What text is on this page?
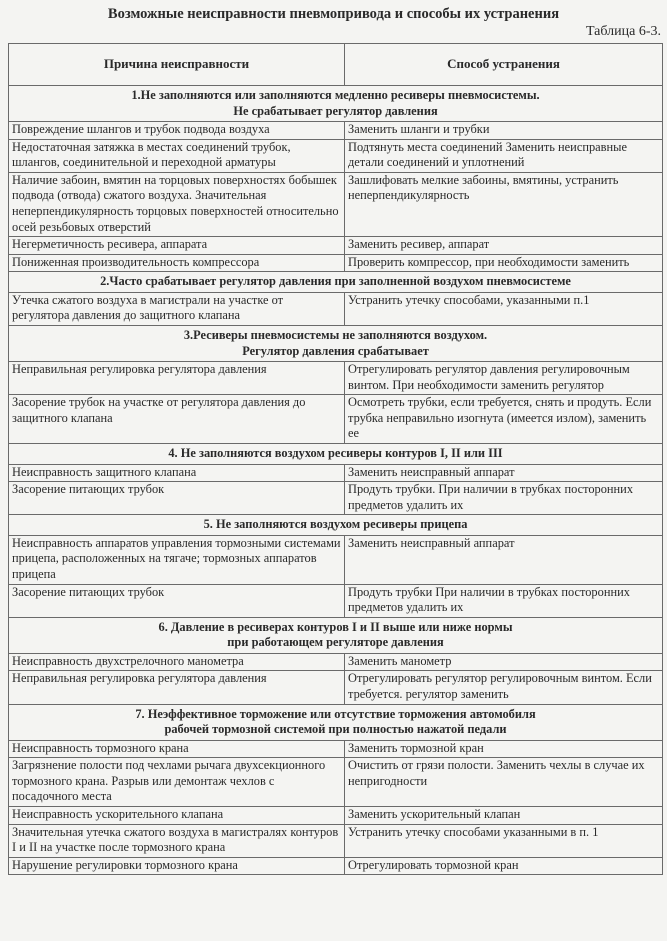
Возможные неисправности пневмопривода и способы их устранения
Таблица 6-3.
Причина неисправности	Способ устранения

1.Не заполняются или заполняются медленно ресиверы пневмосистемы.
Не срабатывает регулятор давления	

Повреждение шлангов и трубок подвода воздуха	Заменить шланги и трубки
Недостаточная затяжка в местах соединений трубок, шлангов, соединительной и переходной арматуры	Подтянуть места соединений Заменить неисправные детали соединений и уплотнений
Наличие забоин, вмятин на торцовых поверхностях бобышек подвода (отвода) сжатого воздуха. Значительная неперпендикулярность торцовых поверхностей относительно осей резьбовых отверстий	Зашлифовать мелкие забоины, вмятины, устранить неперпендикулярность
Негерметичность ресивера, аппарата	Заменить ресивер, аппарат
Пониженная производительность компрессора	Проверить компрессор, при необходимости заменить

2.Часто срабатывает регулятор давления при заполненной воздухом пневмосистеме	

Утечка сжатого воздуха в магистрали на участке от регулятора давления до защитного клапана	Устранить утечку способами, указанными п.1

3.Ресиверы пневмосистемы не заполняются воздухом.
Регулятор давления срабатывает	

Неправильная регулировка регулятора давления	Отрегулировать регулятор давления регулировочным винтом. При необходимости заменить регулятор
Засорение трубок на участке от регулятора давления до защитного клапана	Осмотреть трубки, если требуется, снять и продуть. Если трубка неправильно изогнута (имеется излом), заменить ее

4. Не заполняются воздухом ресиверы контуров I, II или III	

Неисправность защитного клапана	Заменить неисправный аппарат
Засорение питающих трубок	Продуть трубки. При наличии в трубках посторонних предметов удалить их

5. Не заполняются воздухом ресиверы прицепа	

Неисправность аппаратов управления тормозными системами прицепа, расположенных на тягаче; тормозных аппаратов прицепа	Заменить неисправный аппарат
Засорение питающих трубок	Продуть трубки При наличии в трубках посторонних предметов удалить их

6. Давление в ресиверах контуров I и II выше или ниже нормы
при работающем регуляторе давления	

Неисправность двухстрелочного манометра	Заменить манометр
Неправильная регулировка регулятора давления	Отрегулировать регулятор регулировочным винтом. Если требуется. регулятор заменить

7. Неэффективное торможение или отсутствие торможения автомобиля
рабочей тормозной системой при полностью нажатой педали	

Неисправность тормозного крана	Заменить тормозной кран
Загрязнение полости под чехлами рычага двухсекционного тормозного крана. Разрыв или демонтаж чехлов с посадочного места	Очистить от грязи полости. Заменить чехлы в случае их непригодности
Неисправность ускорительного клапана	Заменить ускорительный клапан
Значительная утечка сжатого воздуха в магистралях контуров I и II на участке после тормозного крана	Устранить утечку способами указанными в п. 1
Нарушение регулировки тормозного крана	Отрегулировать тормозной кран
